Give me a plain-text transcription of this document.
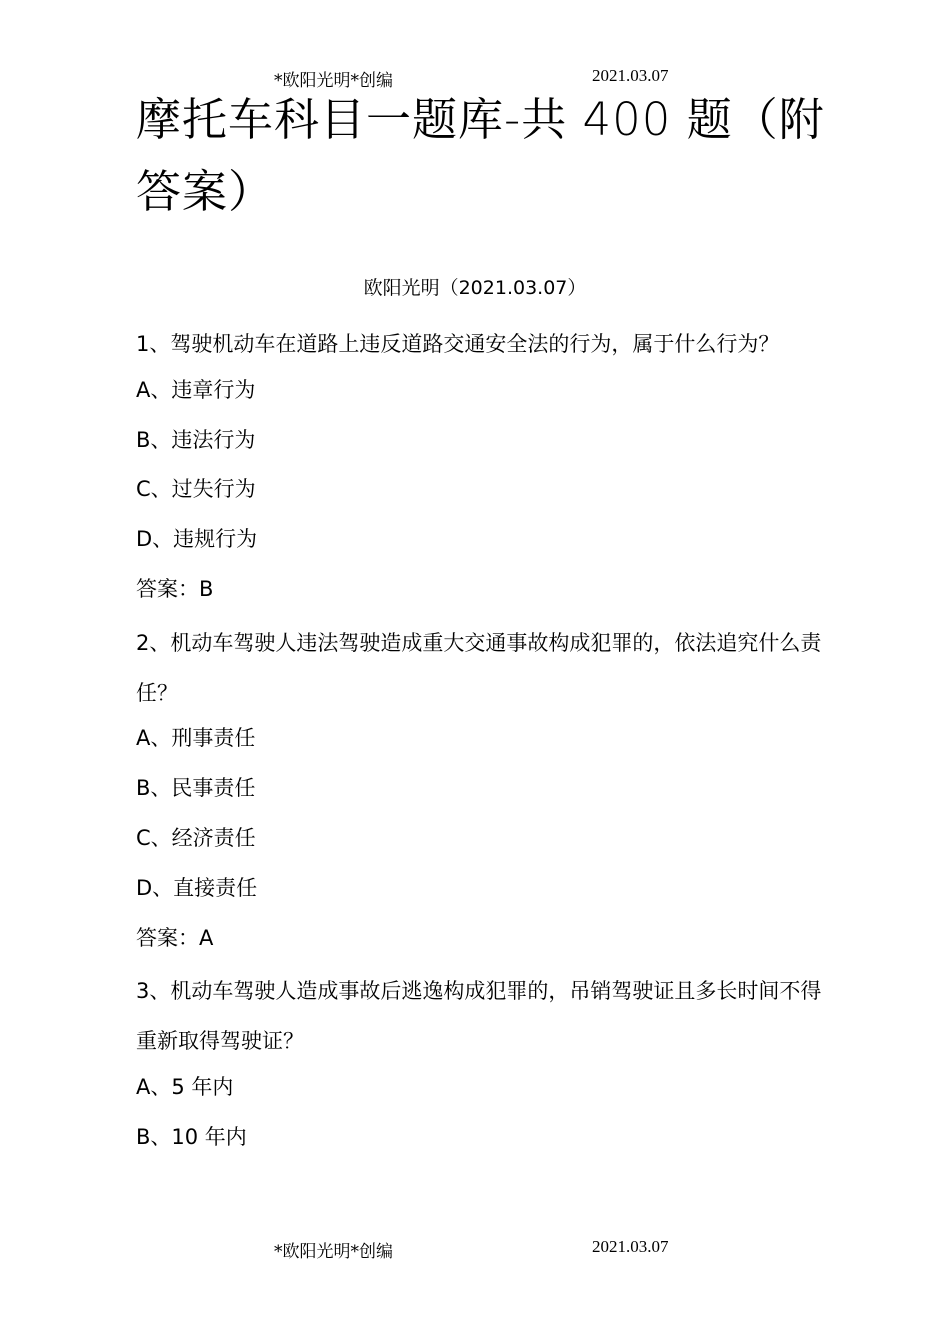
*欧阳光明*创编	2021.03.07
摩托车科目一题库-共 400 题（附答案）
欧阳光明（2021.03.07）
1、驾驶机动车在道路上违反道路交通安全法的行为，属于什么行为？
A、违章行为
B、违法行为
C、过失行为
D、违规行为
答案：B
2、机动车驾驶人违法驾驶造成重大交通事故构成犯罪的，依法追究什么责任？
A、刑事责任
B、民事责任
C、经济责任
D、直接责任
答案：A
3、机动车驾驶人造成事故后逃逸构成犯罪的，吊销驾驶证且多长时间不得重新取得驾驶证？
A、5 年内
B、10 年内
*欧阳光明*创编	2021.03.07
